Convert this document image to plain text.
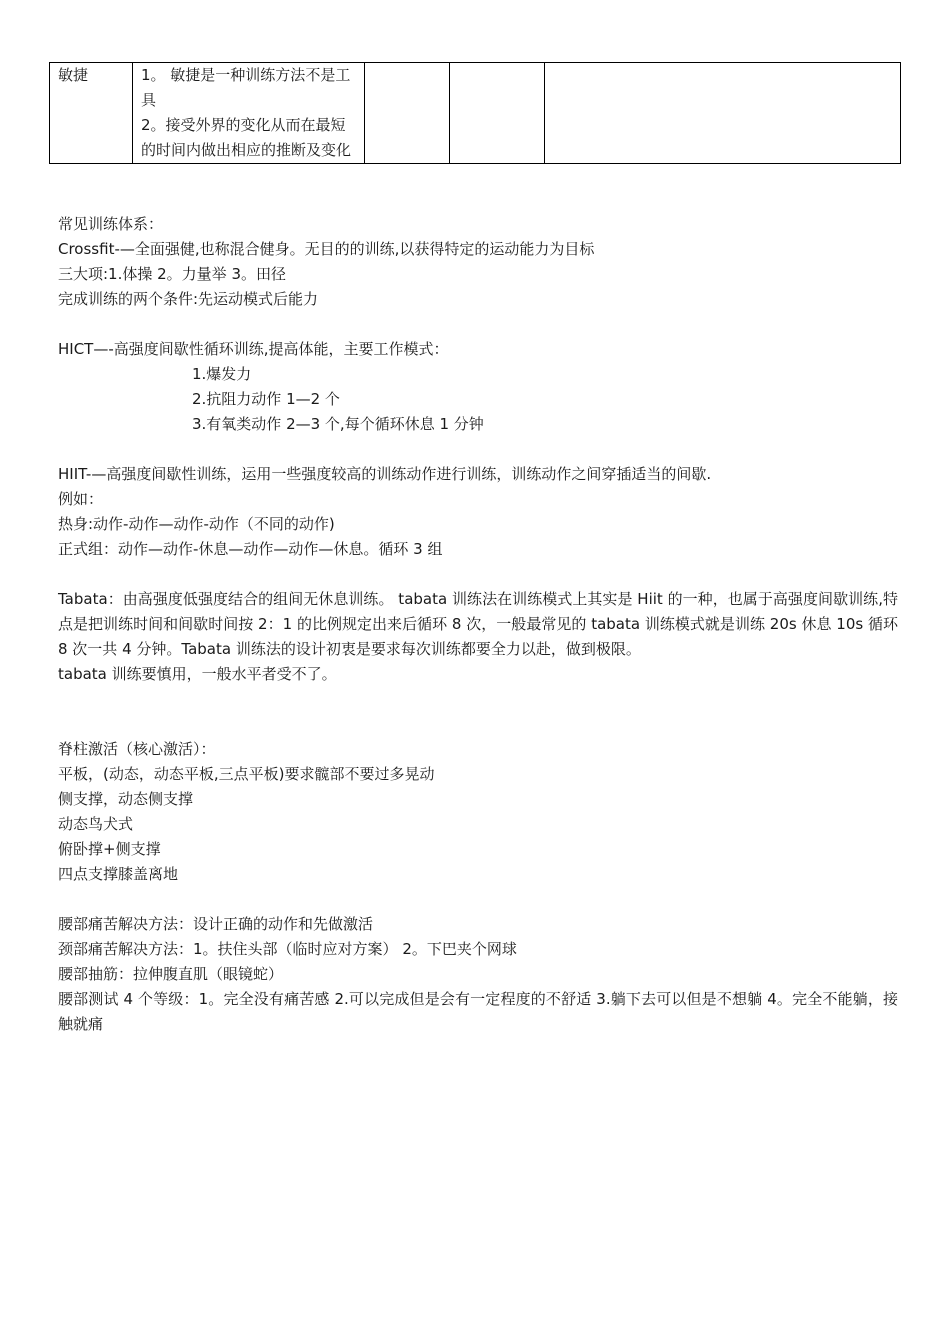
敏捷	1。 敏捷是一种训练方法不是工具
2。接受外界的变化从而在最短的时间内做出相应的推断及变化

常见训练体系：
Crossfit-—全面强健,也称混合健身。无目的的训练,以获得特定的运动能力为目标
三大项:1.体操 2。力量举 3。田径
完成训练的两个条件:先运动模式后能力
HICT—-高强度间歇性循环训练,提高体能，主要工作模式：
1.爆发力
2.抗阻力动作 1—2 个
3.有氧类动作 2—3 个,每个循环休息 1 分钟
HIIT-—高强度间歇性训练，运用一些强度较高的训练动作进行训练，训练动作之间穿插适当的间歇.
例如：
热身:动作-动作—动作-动作（不同的动作)
正式组：动作—动作-休息—动作—动作—休息。循环 3 组
Tabata：由高强度低强度结合的组间无休息训练。 tabata 训练法在训练模式上其实是 Hiit 的一种，也属于高强度间歇训练,特点是把训练时间和间歇时间按 2：1 的比例规定出来后循环 8 次，一般最常见的 tabata 训练模式就是训练 20s 休息 10s 循环 8 次一共 4 分钟。Tabata 训练法的设计初衷是要求每次训练都要全力以赴，做到极限。
tabata 训练要慎用，一般水平者受不了。
脊柱激活（核心激活）：
平板，(动态，动态平板,三点平板)要求髋部不要过多晃动
侧支撑，动态侧支撑
动态鸟犬式
俯卧撑+侧支撑
四点支撑膝盖离地
腰部痛苦解决方法：设计正确的动作和先做激活
颈部痛苦解决方法：1。扶住头部（临时应对方案） 2。下巴夹个网球
腰部抽筋：拉伸腹直肌（眼镜蛇）
腰部测试 4 个等级：1。完全没有痛苦感 2.可以完成但是会有一定程度的不舒适 3.躺下去可以但是不想躺 4。完全不能躺，接触就痛
